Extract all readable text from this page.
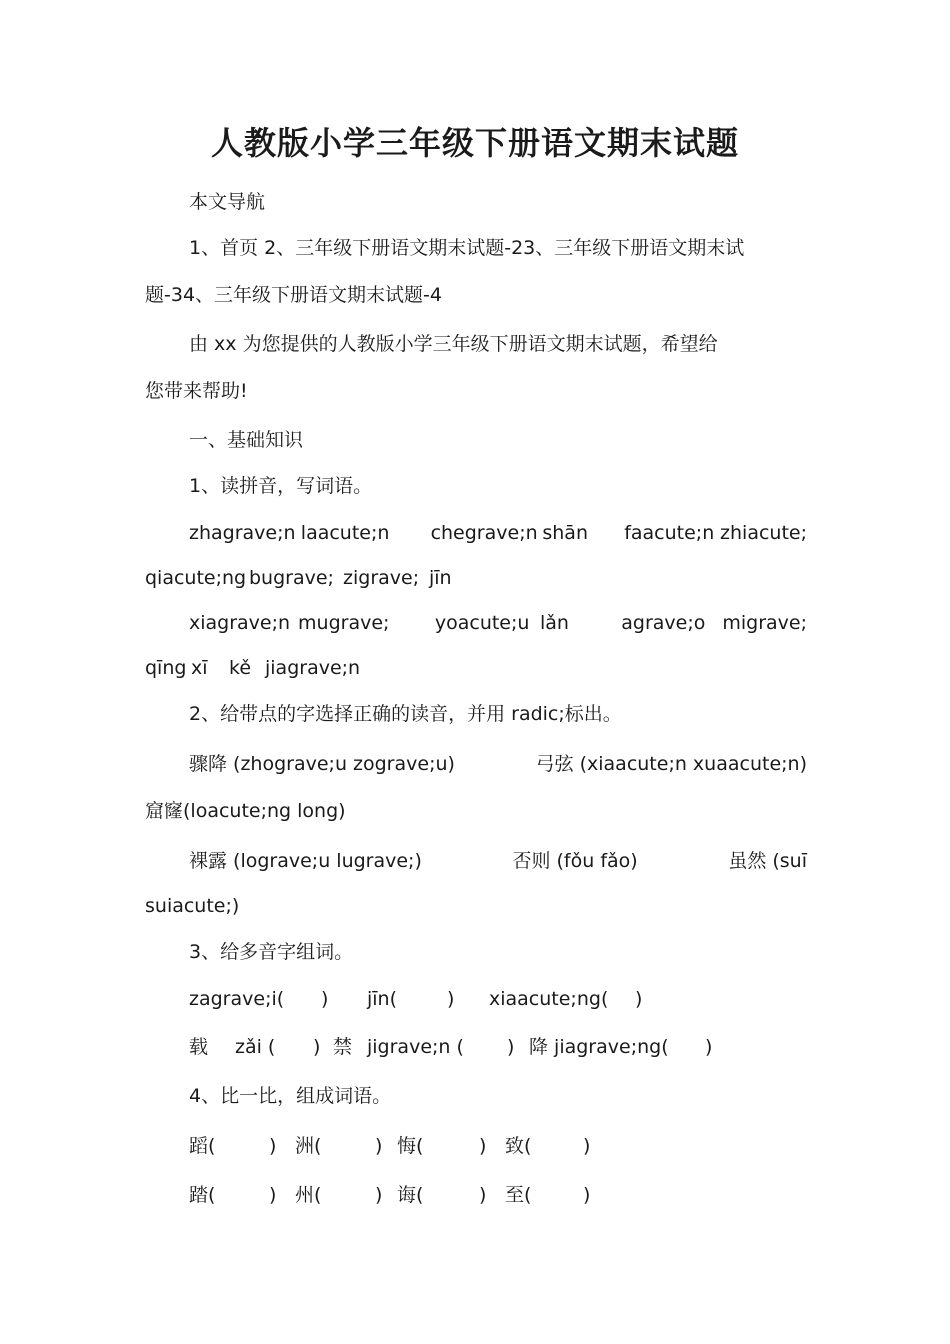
人教版小学三年级下册语文期末试题
本文导航
1、首页 2、三年级下册语文期末试题-23、三年级下册语文期末试
题-34、三年级下册语文期末试题-4
由 xx 为您提供的人教版小学三年级下册语文期末试题，希望给
您带来帮助!
一、基础知识
1、读拼音，写词语。
zhagrave;n laacute;n	chegrave;n shān	faacute;n zhiacute;
qiacute;ng bugrave; zigrave; jīn
xiagrave;n mugrave;	yoacute;u lǎn	agrave;o migrave;
qīng xī	kě jiagrave;n
2、给带点的字选择正确的读音，并用 radic;标出。
骤降 (zhograve;u zograve;u)	弓弦 (xiaacute;n xuaacute;n)
窟窿(loacute;ng long)
裸露 (lograve;u lugrave;)	否则 (fǒu fǎo)	虽然 (suī
suiacute;)
3、给多音字组词。
zagrave;i(	)	jīn(	)	xiaacute;ng(	)
载	zǎi (	) 禁 jigrave;n (	) 降 jiagrave;ng(	)
4、比一比，组成词语。
蹈(	) 洲(	) 悔(	) 致(	)
踏(	) 州(	) 诲(	) 至(	)
